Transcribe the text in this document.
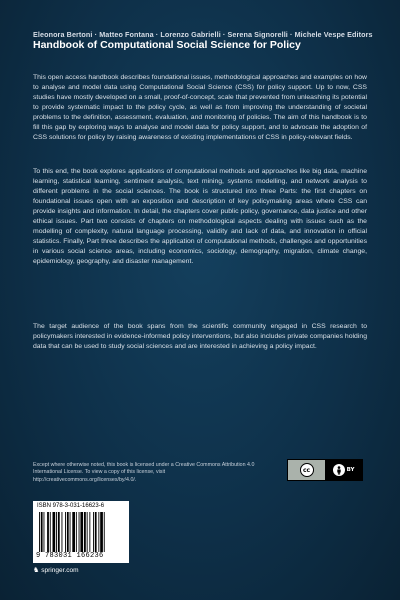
Eleonora Bertoni · Matteo Fontana · Lorenzo Gabrielli · Serena Signorelli · Michele Vespe Editors
Handbook of Computational Social Science for Policy

This open access handbook describes foundational issues, methodological approaches and examples on how to analyse and model data using Computational Social Science (CSS) for policy support. Up to now, CSS studies have mostly developed on a small, proof-of-concept, scale that prevented from unleashing its potential to provide systematic impact to the policy cycle, as well as from improving the understanding of societal problems to the definition, assessment, evaluation, and monitoring of policies. The aim of this handbook is to fill this gap by exploring ways to analyse and model data for policy support, and to advocate the adoption of CSS solutions for policy by raising awareness of existing implementations of CSS in policy-relevant fields.

To this end, the book explores applications of computational methods and approaches like big data, machine learning, statistical learning, sentiment analysis, text mining, systems modelling, and network analysis to different problems in the social sciences. The book is structured into three Parts: the first chapters on foundational issues open with an exposition and description of key policymaking areas where CSS can provide insights and information. In detail, the chapters cover public policy, governance, data justice and other ethical issues. Part two consists of chapters on methodological aspects dealing with issues such as the modelling of complexity, natural language processing, validity and lack of data, and innovation in official statistics. Finally, Part three describes the application of computational methods, challenges and opportunities in various social science areas, including economics, sociology, demography, migration, climate change, epidemiology, geography, and disaster management.

The target audience of the book spans from the scientific community engaged in CSS research to policymakers interested in evidence-informed policy interventions, but also includes private companies holding data that can be used to study social sciences and are interested in achieving a policy impact.

Except where otherwise noted, this book is licensed under a Creative Commons Attribution 4.0 International License. To view a copy of this license, visit http://creativecommons.org/licenses/by/4.0/.

cc	BY
ISBN 978-3-031-16623-6
9 783031 166236
♞ springer.com
